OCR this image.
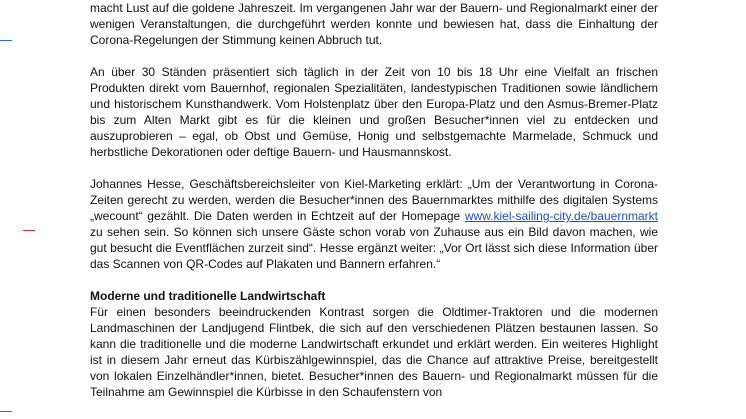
macht Lust auf die goldene Jahreszeit. Im vergangenen Jahr war der Bauern- und Regionalmarkt einer der wenigen Veranstaltungen, die durchgeführt werden konnte und bewiesen hat, dass die Einhaltung der Corona-Regelungen der Stimmung keinen Abbruch tut.

An über 30 Ständen präsentiert sich täglich in der Zeit von 10 bis 18 Uhr eine Vielfalt an frischen Produkten direkt vom Bauernhof, regionalen Spezialitäten, landestypischen Traditionen sowie ländlichem und historischem Kunsthandwerk. Vom Holstenplatz über den Europa-Platz und den Asmus-Bremer-Platz bis zum Alten Markt gibt es für die kleinen und großen Besucher*innen viel zu entdecken und auszuprobieren – egal, ob Obst und Gemüse, Honig und selbstgemachte Marmelade, Schmuck und herbstliche Dekorationen oder deftige Bauern- und Hausmannskost.

Johannes Hesse, Geschäftsbereichsleiter von Kiel-Marketing erklärt: „Um der Verantwortung in Corona-Zeiten gerecht zu werden, werden die Besucher*innen des Bauernmarktes mithilfe des digitalen Systems „wecount“ gezählt. Die Daten werden in Echtzeit auf der Homepage www.kiel-sailing-city.de/bauernmarkt zu sehen sein. So können sich unsere Gäste schon vorab von Zuhause aus ein Bild davon machen, wie gut besucht die Eventflächen zurzeit sind“. Hesse ergänzt weiter: „Vor Ort lässt sich diese Information über das Scannen von QR-Codes auf Plakaten und Bannern erfahren.“

Moderne und traditionelle Landwirtschaft

Für einen besonders beeindruckenden Kontrast sorgen die Oldtimer-Traktoren und die modernen Landmaschinen der Landjugend Flintbek, die sich auf den verschiedenen Plätzen bestaunen lassen. So kann die traditionelle und die moderne Landwirtschaft erkundet und erklärt werden. Ein weiteres Highlight ist in diesem Jahr erneut das Kürbiszählgewinnspiel, das die Chance auf attraktive Preise, bereitgestellt von lokalen Einzelhändler*innen, bietet. Besucher*innen des Bauern- und Regionalmarkt müssen für die Teilnahme am Gewinnspiel die Kürbisse in den Schaufenstern von
